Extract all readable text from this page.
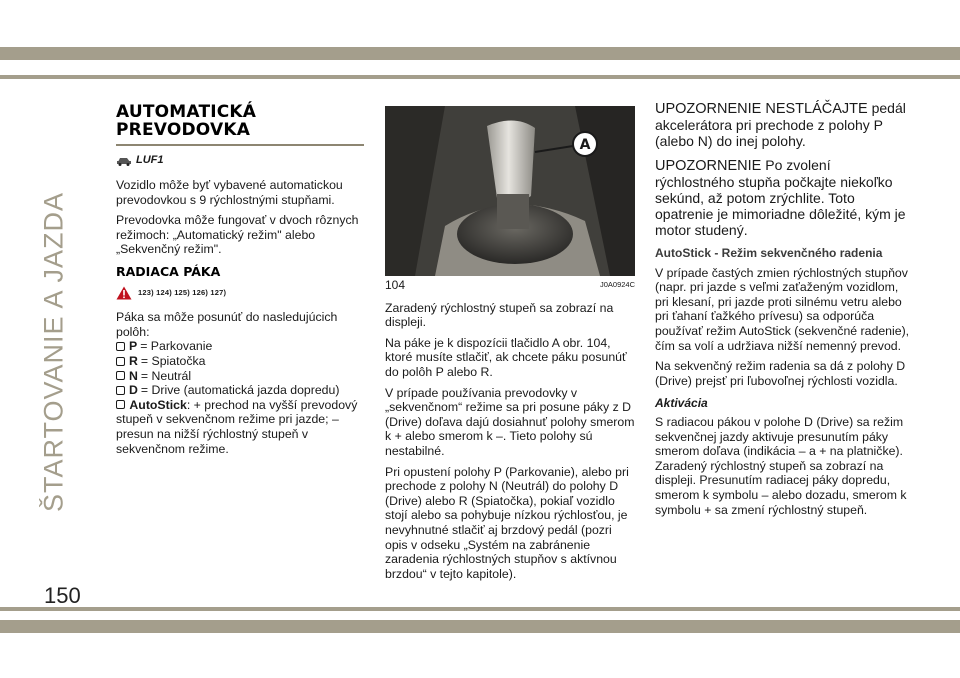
ŠTARTOVANIE A JAZDA
150
AUTOMATICKÁ
PREVODOVKA
LUF1

Vozidlo môže byť vybavené automatickou prevodovkou s 9 rýchlostnými stupňami.

Prevodovka môže fungovať v dvoch rôznych režimoch: „Automatický režim" alebo „Sekvenčný režim".

RADIACA PÁKA
123) 124) 125) 126) 127)

Páka sa môže posunúť do nasledujúcich polôh:

P = Parkovanie
R = Spiatočka
N = Neutrál
D = Drive (automatická jazda dopredu)
AutoStick: + prechod na vyšší prevodový stupeň v sekvenčnom režime pri jazde; – presun na nižší rýchlostný stupeň v sekvenčnom režime.
A
104	J0A0924C

Zaradený rýchlostný stupeň sa zobrazí na displeji.

Na páke je k dispozícii tlačidlo A obr. 104, ktoré musíte stlačiť, ak chcete páku posunúť do polôh P alebo R.

V prípade používania prevodovky v „sekvenčnom“ režime sa pri posune páky z D (Drive) doľava dajú dosiahnuť polohy smerom k + alebo smerom k –. Tieto polohy sú nestabilné.

Pri opustení polohy P (Parkovanie), alebo pri prechode z polohy N (Neutrál) do polohy D (Drive) alebo R (Spiatočka), pokiaľ vozidlo stojí alebo sa pohybuje nízkou rýchlosťou, je nevyhnutné stlačiť aj brzdový pedál (pozri opis v odseku „Systém na zabránenie zaradenia rýchlostných stupňov s aktívnou brzdou“ v tejto kapitole).

UPOZORNENIE NESTLÁČAJTE pedál akcelerátora pri prechode z polohy P (alebo N) do inej polohy.

UPOZORNENIE Po zvolení rýchlostného stupňa počkajte niekoľko sekúnd, až potom zrýchlite. Toto opatrenie je mimoriadne dôležité, kým je motor studený.

AutoStick - Režim sekvenčného radenia

V prípade častých zmien rýchlostných stupňov (napr. pri jazde s veľmi zaťaženým vozidlom, pri klesaní, pri jazde proti silnému vetru alebo pri ťahaní ťažkého prívesu) sa odporúča používať režim AutoStick (sekvenčné radenie), čím sa volí a udržiava nižší nemenný prevod.

Na sekvenčný režim radenia sa dá z polohy D (Drive) prejsť pri ľubovoľnej rýchlosti vozidla.

Aktivácia

S radiacou pákou v polohe D (Drive) sa režim sekvenčnej jazdy aktivuje presunutím páky smerom doľava (indikácia – a + na platničke). Zaradený rýchlostný stupeň sa zobrazí na displeji. Presunutím radiacej páky dopredu, smerom k symbolu – alebo dozadu, smerom k symbolu + sa zmení rýchlostný stupeň.
